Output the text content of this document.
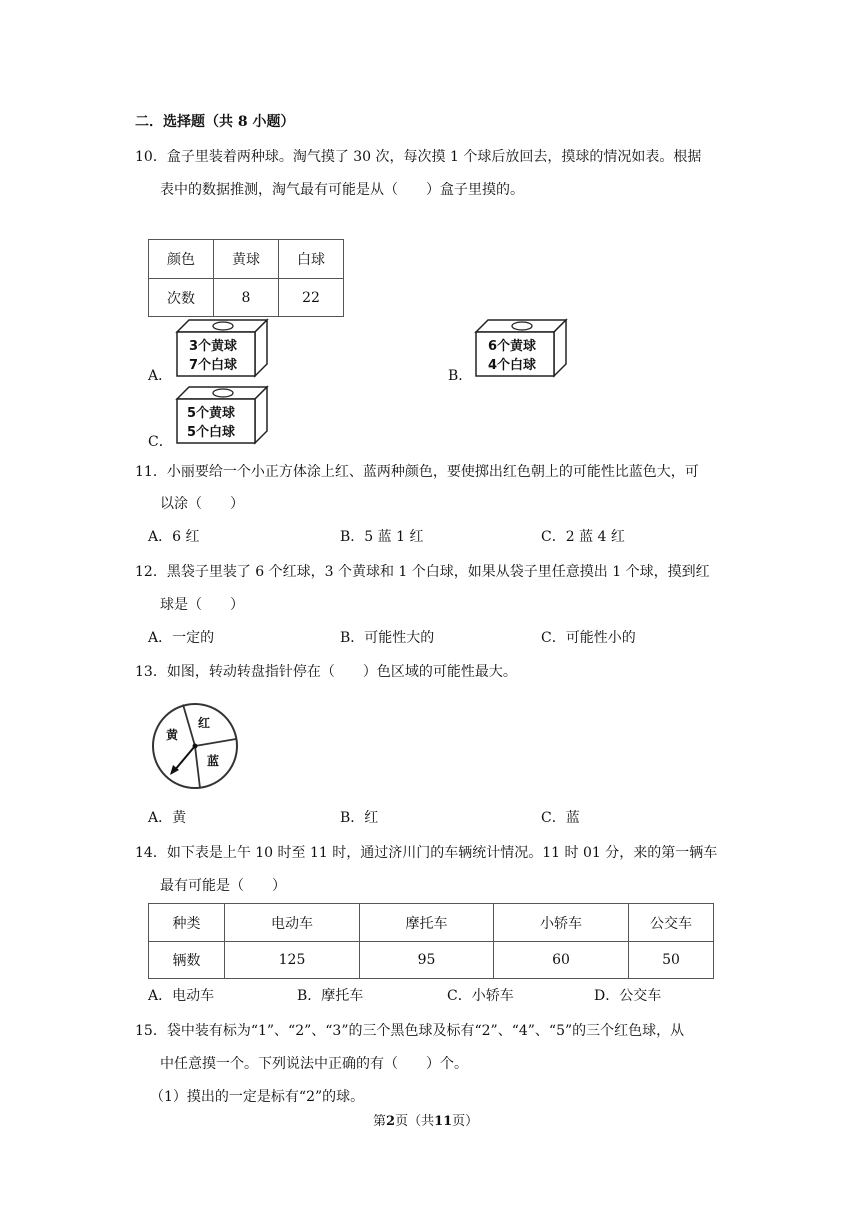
二．选择题（共 8 小题）
10．盒子里装着两种球。淘气摸了 30 次，每次摸 1 个球后放回去，摸球的情况如表。根据
表中的数据推测，淘气最有可能是从（　　）盒子里摸的。
颜色	黄球	白球
次数	8	22
A．
3个黄球
7个白球
B．
6个黄球
4个白球
C．
5个黄球
5个白球
11．小丽要给一个小正方体涂上红、蓝两种颜色，要使掷出红色朝上的可能性比蓝色大，可
以涂（　　）
A．6 红	B．5 蓝 1 红	C．2 蓝 4 红
12．黑袋子里装了 6 个红球，3 个黄球和 1 个白球，如果从袋子里任意摸出 1 个球，摸到红
球是（　　）
A．一定的	B．可能性大的	C．可能性小的
13．如图，转动转盘指针停在（　　）色区域的可能性最大。
黄
红
蓝
A．黄	B．红	C．蓝
14．如下表是上午 10 时至 11 时，通过济川门的车辆统计情况。11 时 01 分，来的第一辆车
最有可能是（　　）
种类	电动车	摩托车	小轿车	公交车
辆数	125	95	60	50
A．电动车	B．摩托车	C．小轿车	D．公交车
15．袋中装有标为“1”、“2”、“3”的三个黑色球及标有“2”、“4”、“5”的三个红色球，从
中任意摸一个。下列说法中正确的有（　　）个。
（1）摸出的一定是标有“2”的球。
第2页（共11页）
